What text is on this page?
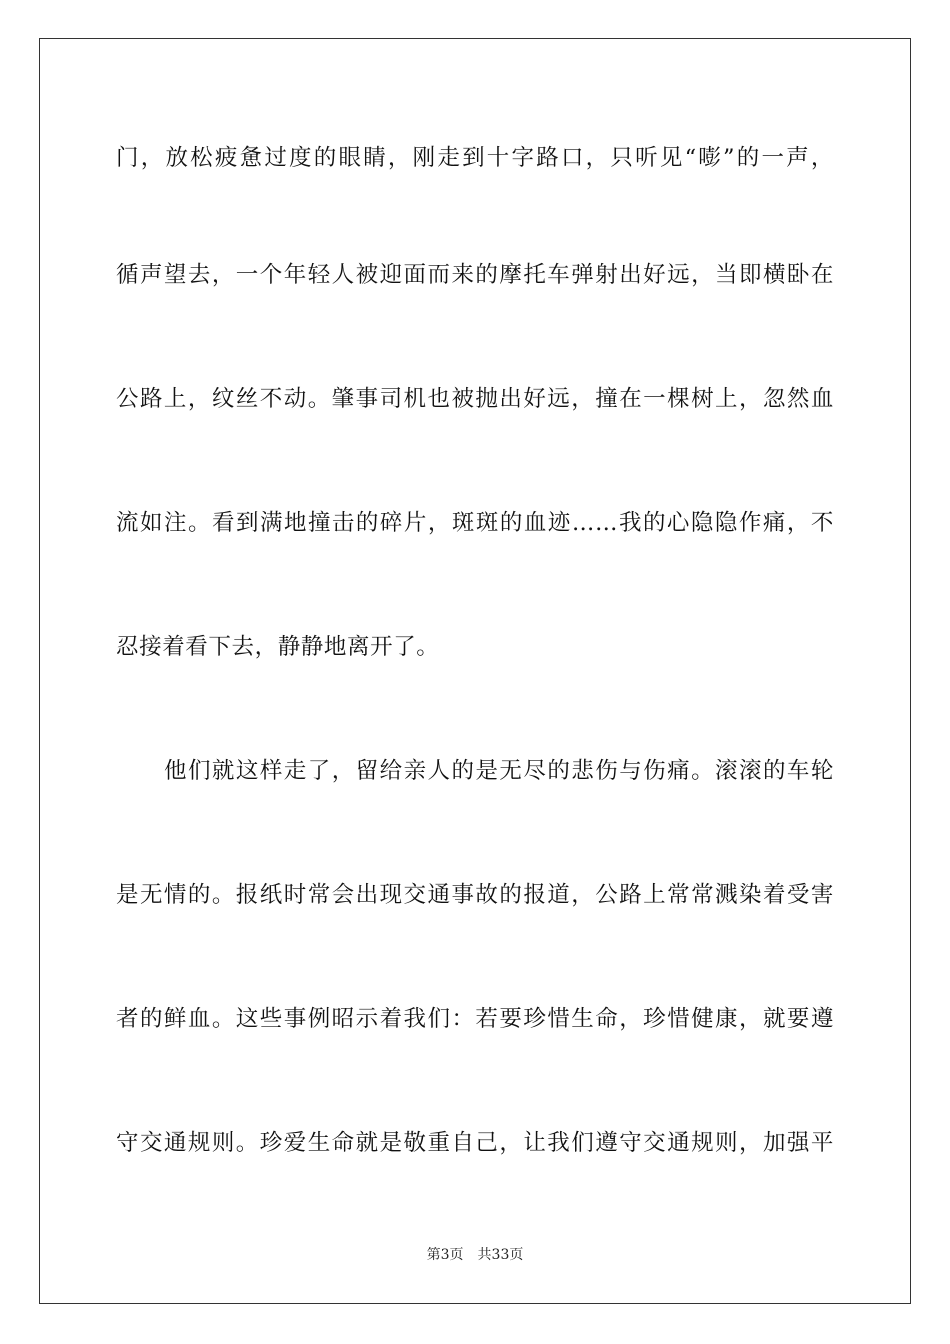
门，放松疲惫过度的眼睛，刚走到十字路口，只听见“嘭”的一声，
循声望去，一个年轻人被迎面而来的摩托车弹射出好远，当即横卧在
公路上，纹丝不动。肇事司机也被抛出好远，撞在一棵树上，忽然血
流如注。看到满地撞击的碎片，斑斑的血迹……我的心隐隐作痛，不
忍接着看下去，静静地离开了。
他们就这样走了，留给亲人的是无尽的悲伤与伤痛。滚滚的车轮
是无情的。报纸时常会出现交通事故的报道，公路上常常溅染着受害
者的鲜血。这些事例昭示着我们：若要珍惜生命，珍惜健康，就要遵
守交通规则。珍爱生命就是敬重自己，让我们遵守交通规则，加强平
第3页　共33页
